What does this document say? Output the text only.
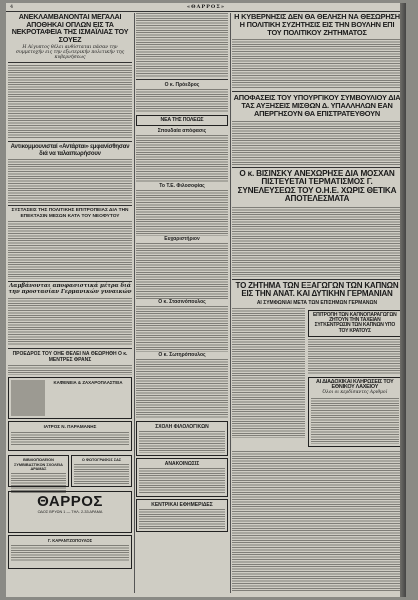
4	«ΘΑΡΡΟΣ»
ΑΝΕΚΛΑΜΒΑΝΟΝΤΑΙ ΜΕΓΑΛΑΙ ΑΠΟΘΗΚΑΙ ΟΠΛΩΝ ΕΙΣ ΤΑ ΝΕΚΡΟΤΑΦΕΙΑ ΤΗΣ ΙΣΜΑΪΛΙΑΣ ΤΟΥ ΣΟΥΕΖ
Η Αίγυπτος θέλει ανθίσταται πάσαν την συμμετοχήν εις την εξωτερικήν πολιτικήν της κυβερνήσεως
Αντικομμουνισταί «Αντάρται» εμφανίσθησαν διά να ταλαιπωρήσουν
ΣΥΣΤΑΣΕΙΣ ΤΗΣ ΠΟΛΙΤΙΚΗΣ ΕΠΙΤΡΟΠΕΙΑΣ ΔΙΑ ΤΗΝ ΕΠΕΚΤΑΣΙΝ ΜΕΣΩΝ ΚΑΤΑ ΤΟΥ ΝΕΟΦΥΤΟΥ
Λαμβάνονται αποφασιστικά μέτρα διά την προστασίαν Γερμανικών γυναικών
ΠΡΟΕΔΡΟΣ ΤΟΥ ΟΗΕ ΘΕΛΕΙ ΝΑ ΘΕΩΡΗΘΗ Ο κ. ΜΕΝΤΡΕΣ ΦΡΑΝΣ
ΚΑΦΕΝΕΙΑ & ΖΑΧΑΡΟΠΛΑΣΤΕΙΑ
ΙΑΤΡΟΣ Ν. ΠΑΡΑΜΑΝΗΣ
ΒΙΒΛΙΟΠΩΛΕΙΟΝ ΣΥΜΒΙΒΑΣΤΙΚΟΝ ΣΧΟΛΕΙΑ ΔΡΑΜΑΣ
Ο ΦΩΤΟΓΡΑΦΟΣ ΣΑΣ
ΘΑΡΡΟΣ
ΟΔΟΣ ΒΡΥΩΝ 1 — ΤΗΛ. 2-33 ΔΡΑΜΑ
Γ. ΚΑΡΑΝΤΖΟΠΟΥΛΟΣ
Ο κ. Πρόεδρος
ΝΕΑ ΤΗΣ ΠΟΛΕΩΣ
Σπουδαία απόφασις
Το Τ.Ε. Φιλοσοφίας
Ευχαριστήριον
Ο κ. Στασινόπουλος
Ο κ. Σωτηρόπουλος
ΣΧΟΛΗ ΦΙΛΟΛΟΓΙΚΩΝ
ΑΝΑΚΟΙΝΩΣΙΣ
ΚΕΝΤΡΙΚΑΙ ΕΦΗΜΕΡΙΔΕΣ
Η ΚΥΒΕΡΝΗΣΙΣ ΔΕΝ ΘΑ ΘΕΛΗΣΗ ΝΑ ΘΕΣΩΡΗΣΗ Η ΠΟΛΙΤΙΚΗ ΣΥΖΗΤΗΣΙΣ ΕΙΣ ΤΗΝ ΒΟΥΛΗΝ ΕΠΙ ΤΟΥ ΠΟΛΙΤΙΚΟΥ ΖΗΤΗΜΑΤΟΣ
ΑΠΟΦΑΣΕΙΣ ΤΟΥ ΥΠΟΥΡΓΙΚΟΥ ΣΥΜΒΟΥΛΙΟΥ ΔΙΑ ΤΑΣ ΑΥΞΗΣΕΙΣ ΜΙΣΘΩΝ Δ. ΥΠΑΛΛΗΛΩΝ ΕΑΝ ΑΠΕΡΓΗΣΟΥΝ ΘΑ ΕΠΙΣΤΡΑΤΕΥΘΟΥΝ
Ο κ. ΒΙΣΙΝΣΚΥ ΑΝΕΧΩΡΗΣΕ ΔΙΑ ΜΟΣΧΑΝ ΠΙΣΤΕΥΕΤΑΙ ΤΕΡΜΑΤΙΣΜΟΣ Γ. ΣΥΝΕΛΕΥΣΕΩΣ ΤΟΥ Ο.Η.Ε. ΧΩΡΙΣ ΘΕΤΙΚΑ ΑΠΟΤΕΛΕΣΜΑΤΑ
ΤΟ ΖΗΤΗΜΑ ΤΩΝ ΕΞΑΓΩΓΩΝ ΤΩΝ ΚΑΠΝΩΝ ΕΙΣ ΤΗΝ ΑΝΑΤ. ΚΑΙ ΔΥΤΙΚΗΝ ΓΕΡΜΑΝΙΑΝ
ΑΙ ΣΥΜΦΩΝΙΑΙ ΜΕΤΑ ΤΩΝ ΕΠΙΣΗΜΩΝ ΓΕΡΜΑΝΩΝ
ΕΠΙΤΡΟΠΗ ΤΩΝ ΚΑΠΝΟΠΑΡΑΓΩΓΩΝ ΖΗΤΟΥΝ ΤΗΝ ΤΑΧΕΙΑΝ ΣΥΓΚΕΝΤΡΩΣΙΝ ΤΩΝ ΚΑΠΝΩΝ ΥΠΟ ΤΟΥ ΚΡΑΤΟΥΣ
ΑΙ ΔΙΑΔΟΧΙΚΑΙ ΚΛΗΡΩΣΕΙΣ ΤΟΥ ΕΘΝΙΚΟΥ ΛΑΧΕΙΟΥ
Όλοι οι κερδίσαντες Αριθμοί
